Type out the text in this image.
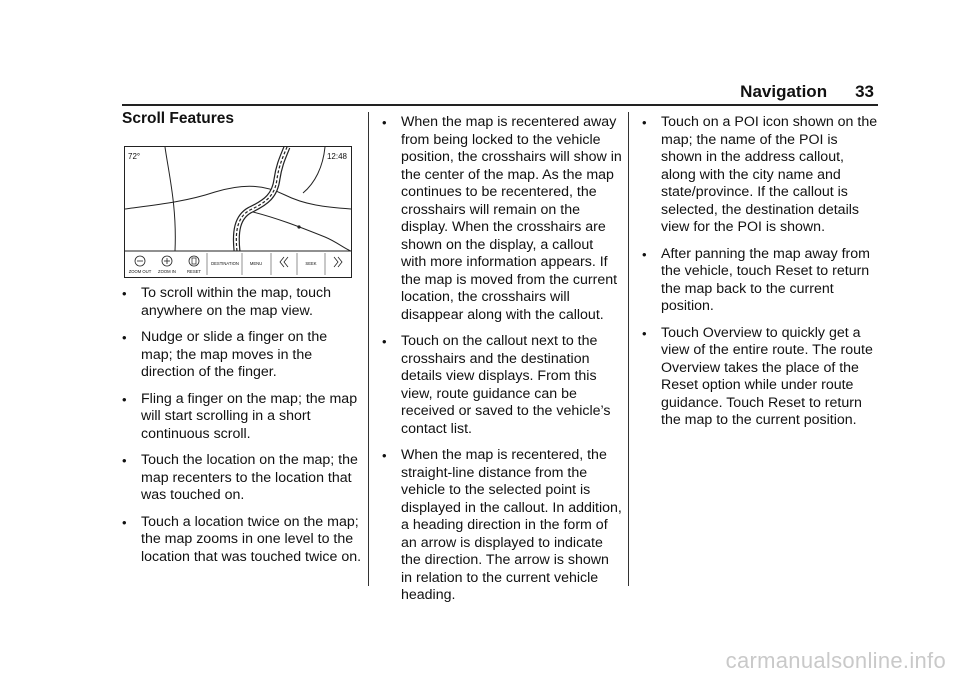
Navigation 33
Scroll Features
72°	12:48
ZOOM OUT ZOOM IN	RESET
DESTINATION	MENU	SEEK
• To scroll within the map, touch anywhere on the map view.
• Nudge or slide a finger on the map; the map moves in the direction of the finger.
• Fling a finger on the map; the map will start scrolling in a short continuous scroll.
• Touch the location on the map; the map recenters to the location that was touched on.
• Touch a location twice on the map; the map zooms in one level to the location that was touched twice on.
• When the map is recentered away from being locked to the vehicle position, the crosshairs will show in the center of the map. As the map continues to be recentered, the crosshairs will remain on the display. When the crosshairs are shown on the display, a callout with more information appears. If the map is moved from the current location, the crosshairs will disappear along with the callout.
• Touch on the callout next to the crosshairs and the destination details view displays. From this view, route guidance can be received or saved to the vehicle’s contact list.
• When the map is recentered, the straight-line distance from the vehicle to the selected point is displayed in the callout. In addition, a heading direction in the form of an arrow is displayed to indicate the direction. The arrow is shown in relation to the current vehicle heading.
• Touch on a POI icon shown on the map; the name of the POI is shown in the address callout, along with the city name and state/province. If the callout is selected, the destination details view for the POI is shown.
• After panning the map away from the vehicle, touch Reset to return the map back to the current position.
• Touch Overview to quickly get a view of the entire route. The route Overview takes the place of the Reset option while under route guidance. Touch Reset to return the map to the current position.
carmanualsonline.info
